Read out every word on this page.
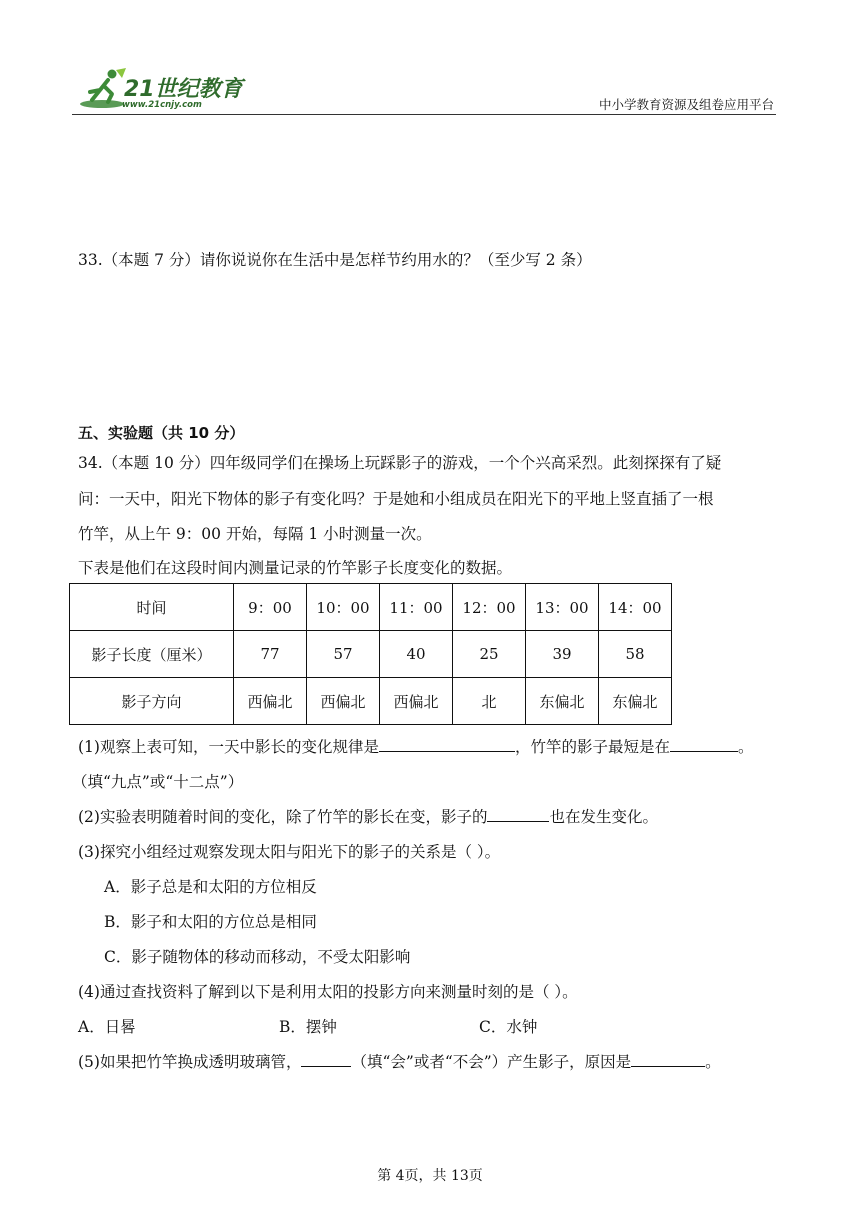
21世纪教育
www.21cnjy.com	中小学教育资源及组卷应用平台
33.（本题 7 分）请你说说你在生活中是怎样节约用水的？（至少写 2 条）
五、实验题（共 10 分）
34.（本题 10 分）四年级同学们在操场上玩踩影子的游戏，一个个兴高采烈。此刻探探有了疑
问：一天中，阳光下物体的影子有变化吗？于是她和小组成员在阳光下的平地上竖直插了一根
竹竿，从上午 9：00 开始，每隔 1 小时测量一次。
下表是他们在这段时间内测量记录的竹竿影子长度变化的数据。
时间	9：00	10：00	11：00	12：00	13：00	14：00
影子长度（厘米）	77	57	40	25	39	58
影子方向	西偏北	西偏北	西偏北	北	东偏北	东偏北
(1)观察上表可知，一天中影长的变化规律是	，竹竿的影子最短是在	。
（填“九点”或“十二点”）
(2)实验表明随着时间的变化，除了竹竿的影长在变，影子的	也在发生变化。
(3)探究小组经过观察发现太阳与阳光下的影子的关系是（ ）。
A．影子总是和太阳的方位相反
B．影子和太阳的方位总是相同
C．影子随物体的移动而移动，不受太阳影响
(4)通过查找资料了解到以下是利用太阳的投影方向来测量时刻的是（ ）。
A．日晷	B．摆钟	C．水钟
(5)如果把竹竿换成透明玻璃管，	（填“会”或者“不会”）产生影子，原因是	。
第 4页，共 13页
